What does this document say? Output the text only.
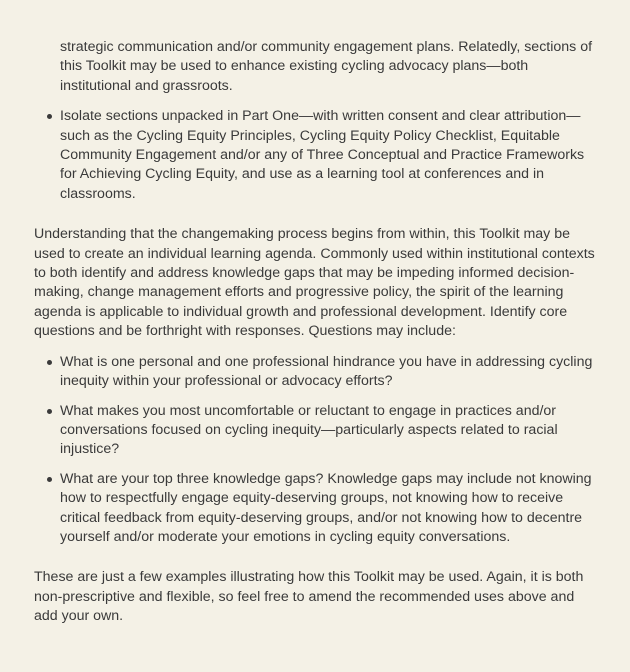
strategic communication and/or community engagement plans. Relatedly, sections of this Toolkit may be used to enhance existing cycling advocacy plans—both institutional and grassroots.

Isolate sections unpacked in Part One—with written consent and clear attribution—such as the Cycling Equity Principles, Cycling Equity Policy Checklist, Equitable Community Engagement and/or any of Three Conceptual and Practice Frameworks for Achieving Cycling Equity, and use as a learning tool at conferences and in classrooms.

Understanding that the changemaking process begins from within, this Toolkit may be used to create an individual learning agenda. Commonly used within institutional contexts to both identify and address knowledge gaps that may be impeding informed decision-making, change management efforts and progressive policy, the spirit of the learning agenda is applicable to individual growth and professional development. Identify core questions and be forthright with responses. Questions may include:

What is one personal and one professional hindrance you have in addressing cycling inequity within your professional or advocacy efforts?
What makes you most uncomfortable or reluctant to engage in practices and/or conversations focused on cycling inequity—particularly aspects related to racial injustice?
What are your top three knowledge gaps? Knowledge gaps may include not knowing how to respectfully engage equity-deserving groups, not knowing how to receive critical feedback from equity-deserving groups, and/or not knowing how to decentre yourself and/or moderate your emotions in cycling equity conversations.

These are just a few examples illustrating how this Toolkit may be used. Again, it is both non-prescriptive and flexible, so feel free to amend the recommended uses above and add your own.
